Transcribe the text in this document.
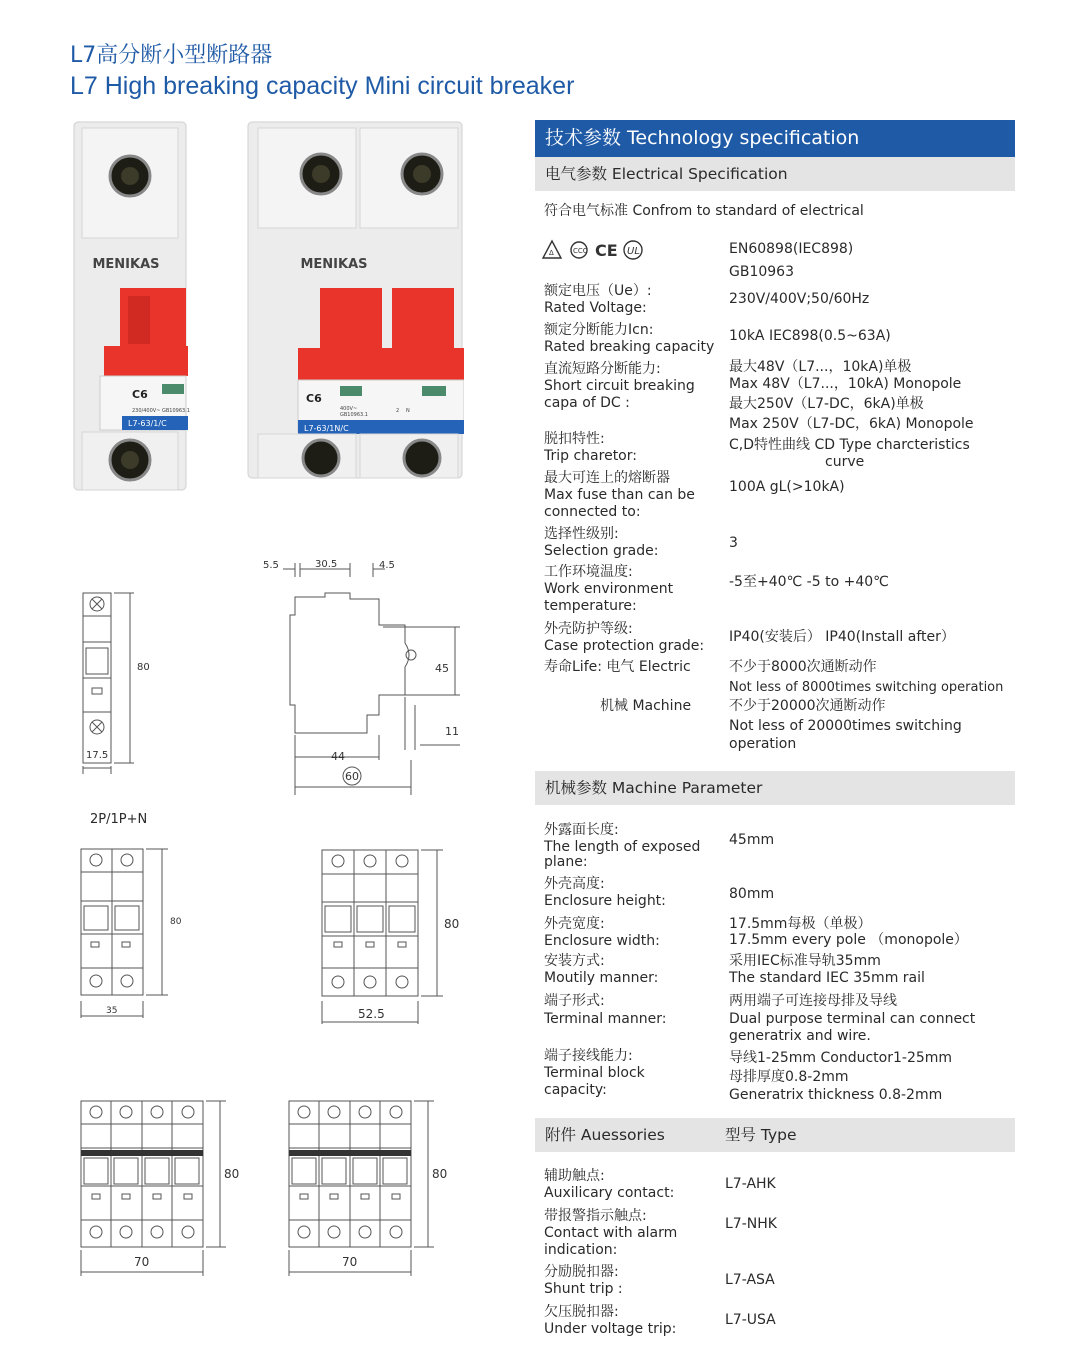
L7高分断小型断路器
L7 High breaking capacity Mini circuit breaker
MENIKAS
C6
230/400V~ GB10963.1
L7-63/1/C
MENIKAS
C6
400V~
GB10963.1
2 N
L7-63/1N/C
80
17.5
5.5	30.5	4.5
45
11
44
60
2P/1P+N
80
35
80
52.5
80
70
80
70
技术参数 Technology specification
电气参数 Electrical Specification
机械参数 Machine Parameter
附件 Auessories	型号 Type
符合电气标准 Confrom to standard of electrical
Δ	CCC CE UL	EN60898(IEC898)
GB10963
额定电压（Ue）:
Rated Voltage:
230V/400V;50/60Hz
额定分断能力Icn:
Rated breaking capacity
10kA IEC898(0.5~63A)
直流短路分断能力:
Short circuit breaking
capa of DC :
最大48V（L7...，10kA)单极
Max 48V（L7...，10kA) Monopole
最大250V（L7-DC，6kA)单极
Max 250V（L7-DC，6kA) Monopole
脱扣特性:
Trip charetor:
C,D特性曲线 CD Type charcteristics
curve
最大可连上的熔断器
Max fuse than can be
connected to:
100A gL(>10kA)
选择性级别:
Selection grade:	3
工作环境温度:
Work environment
temperature:
-5至+40℃ -5 to +40℃
外壳防护等级:
Case protection grade:
IP40(安装后） IP40(Install after）
寿命Life: 电气 Electric	不少于8000次通断动作
Not less of 8000times switching operation
机械 Machine	不少于20000次通断动作
Not less of 20000times switching
operation
外露面长度:
The length of exposed
plane:
45mm
外壳高度:
Enclosure height:	80mm
外壳宽度:
Enclosure width:
17.5mm每极（单极）
17.5mm every pole （monopole）
安装方式:
Moutily manner:
采用IEC标准导轨35mm
The standard IEC 35mm rail
端子形式:
Terminal manner:
两用端子可连接母排及导线
Dual purpose terminal can connect
generatrix and wire.
端子接线能力:
Terminal block
capacity:
导线1-25mm Conductor1-25mm
母排厚度0.8-2mm
Generatrix thickness 0.8-2mm
辅助触点:
Auxilicary contact:
L7-AHK
带报警指示触点:
Contact with alarm
indication:
L7-NHK
分励脱扣器:
Shunt trip :
L7-ASA
欠压脱扣器:
Under voltage trip:
L7-USA
